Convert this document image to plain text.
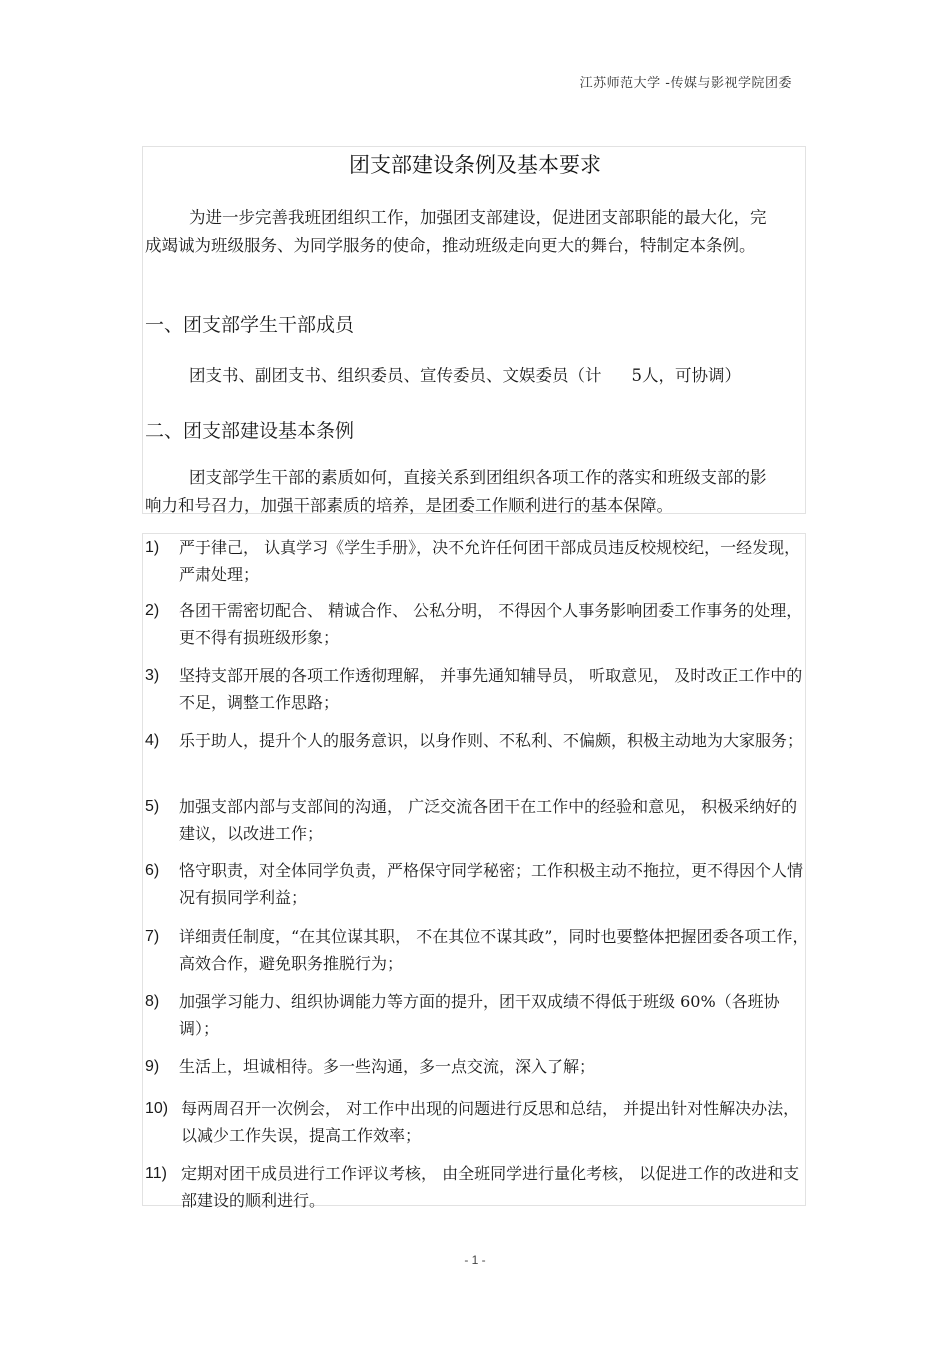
江苏师范大学 -传媒与影视学院团委
团支部建设条例及基本要求
为进一步完善我班团组织工作，加强团支部建设，促进团支部职能的最大化，完成竭诚为班级服务、为同学服务的使命，推动班级走向更大的舞台，特制定本条例。
一、团支部学生干部成员
团支书、副团支书、组织委员、宣传委员、文娱委员（计 5人，可协调）
二、团支部建设基本条例
团支部学生干部的素质如何，直接关系到团组织各项工作的落实和班级支部的影响力和号召力，加强干部素质的培养，是团委工作顺利进行的基本保障。
1) 严于律己， 认真学习《学生手册》，决不允许任何团干部成员违反校规校纪，一经发现，严肃处理；
2) 各团干需密切配合、 精诚合作、 公私分明， 不得因个人事务影响团委工作事务的处理，更不得有损班级形象；
3) 坚持支部开展的各项工作透彻理解， 并事先通知辅导员， 听取意见， 及时改正工作中的不足，调整工作思路；
4) 乐于助人，提升个人的服务意识，以身作则、不私利、不偏颇，积极主动地为大家服务；
5) 加强支部内部与支部间的沟通， 广泛交流各团干在工作中的经验和意见， 积极采纳好的建议，以改进工作；
6) 恪守职责，对全体同学负责，严格保守同学秘密；工作积极主动不拖拉，更不得因个人情况有损同学利益；
7) 详细责任制度，“在其位谋其职， 不在其位不谋其政”，同时也要整体把握团委各项工作，高效合作，避免职务推脱行为；
8) 加强学习能力、组织协调能力等方面的提升，团干双成绩不得低于班级 60%（各班协调）；
9) 生活上，坦诚相待。多一些沟通，多一点交流，深入了解；
10) 每两周召开一次例会， 对工作中出现的问题进行反思和总结， 并提出针对性解决办法，以减少工作失误，提高工作效率；
11) 定期对团干成员进行工作评议考核， 由全班同学进行量化考核， 以促进工作的改进和支部建设的顺利进行。
- 1 -
